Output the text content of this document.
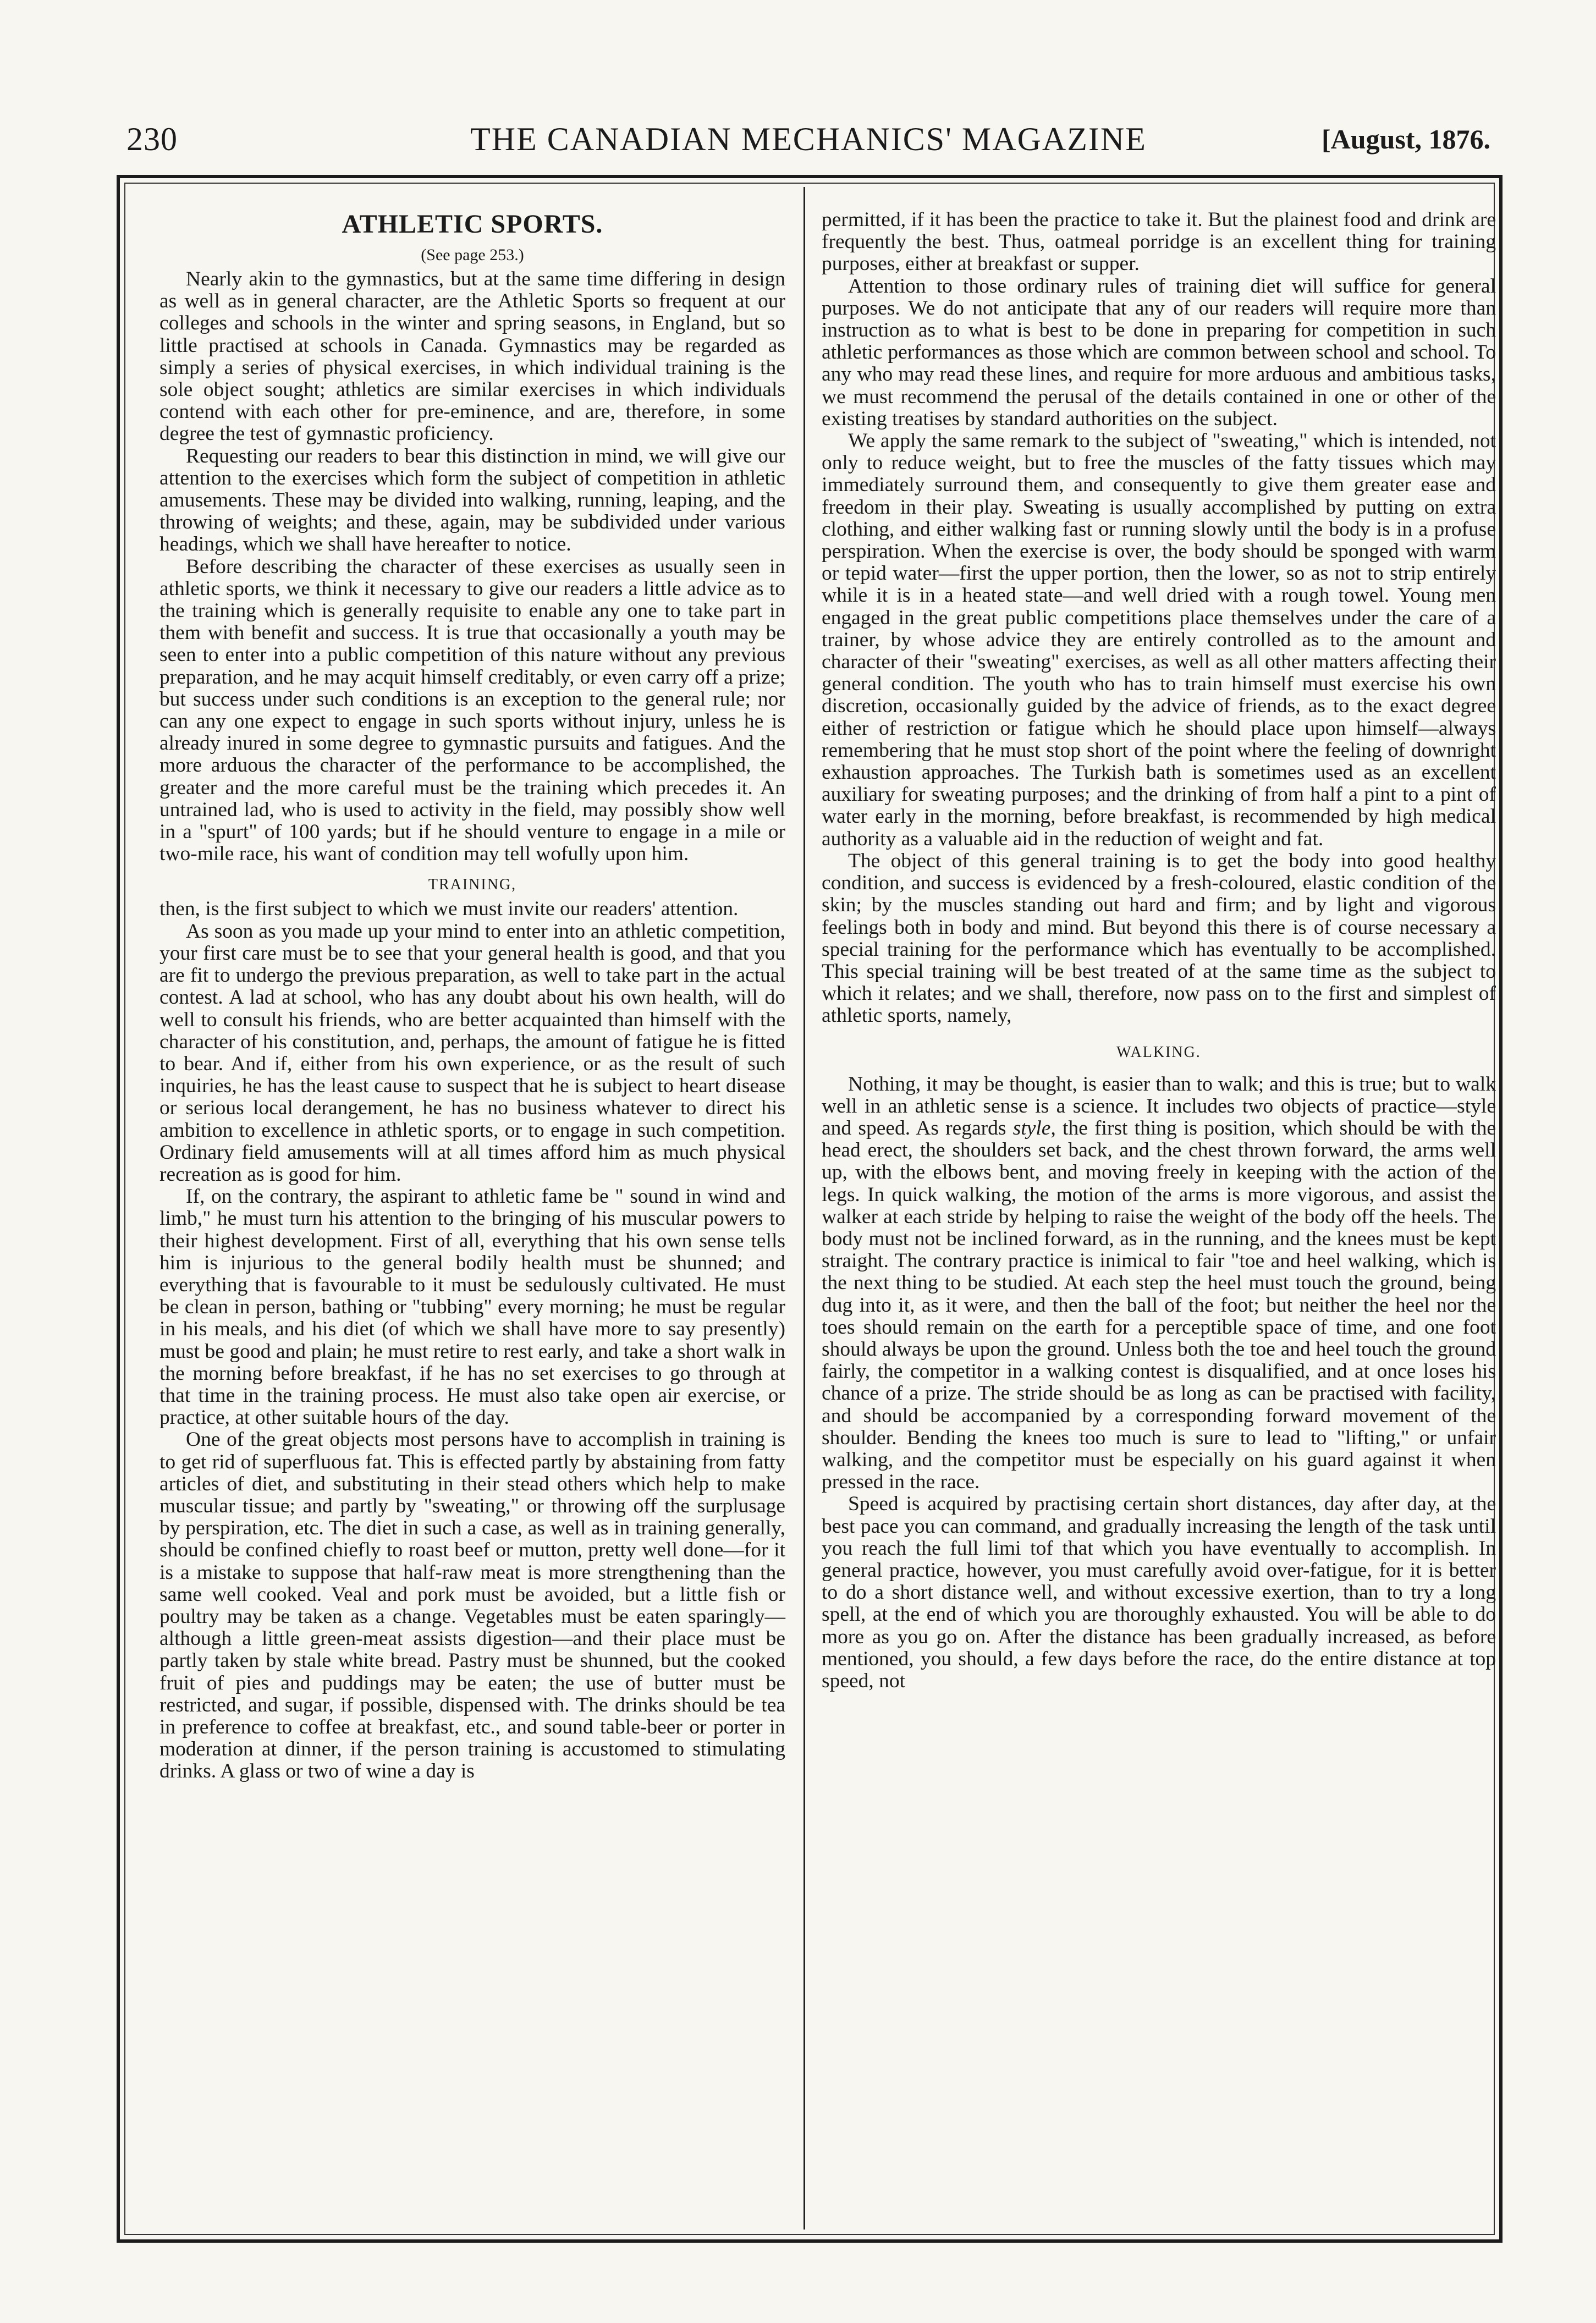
230	THE CANADIAN MECHANICS' MAGAZINE	[August, 1876.
ATHLETIC SPORTS.
(See page 253.)

Nearly akin to the gymnastics, but at the same time differing in design as well as in general character, are the Athletic Sports so frequent at our colleges and schools in the winter and spring seasons, in England, but so little practised at schools in Canada. Gymnastics may be regarded as simply a series of physical exercises, in which individual training is the sole object sought; athletics are similar exercises in which individuals contend with each other for pre-eminence, and are, therefore, in some degree the test of gymnastic proficiency.

Requesting our readers to bear this distinction in mind, we will give our attention to the exercises which form the subject of competition in athletic amusements. These may be divided into walking, running, leaping, and the throwing of weights; and these, again, may be subdivided under various headings, which we shall have hereafter to notice.

Before describing the character of these exercises as usually seen in athletic sports, we think it necessary to give our readers a little advice as to the training which is generally requisite to enable any one to take part in them with benefit and success. It is true that occasionally a youth may be seen to enter into a public competition of this nature without any previous preparation, and he may acquit himself creditably, or even carry off a prize; but success under such conditions is an exception to the general rule; nor can any one expect to engage in such sports without injury, unless he is already inured in some degree to gymnastic pursuits and fatigues. And the more arduous the character of the performance to be accomplished, the greater and the more careful must be the training which precedes it. An untrained lad, who is used to activity in the field, may possibly show well in a "spurt" of 100 yards; but if he should venture to engage in a mile or two-mile race, his want of condition may tell wofully upon him.

TRAINING,

then, is the first subject to which we must invite our readers' attention.

As soon as you made up your mind to enter into an athletic competition, your first care must be to see that your general health is good, and that you are fit to undergo the previous preparation, as well to take part in the actual contest. A lad at school, who has any doubt about his own health, will do well to consult his friends, who are better acquainted than himself with the character of his constitution, and, perhaps, the amount of fatigue he is fitted to bear. And if, either from his own experience, or as the result of such inquiries, he has the least cause to suspect that he is subject to heart disease or serious local derangement, he has no business whatever to direct his ambition to excellence in athletic sports, or to engage in such competition. Ordinary field amusements will at all times afford him as much physical recreation as is good for him.

If, on the contrary, the aspirant to athletic fame be " sound in wind and limb," he must turn his attention to the bringing of his muscular powers to their highest development. First of all, everything that his own sense tells him is injurious to the general bodily health must be shunned; and everything that is favourable to it must be sedulously cultivated. He must be clean in person, bathing or "tubbing" every morning; he must be regular in his meals, and his diet (of which we shall have more to say presently) must be good and plain; he must retire to rest early, and take a short walk in the morning before breakfast, if he has no set exercises to go through at that time in the training process. He must also take open air exercise, or practice, at other suitable hours of the day.

One of the great objects most persons have to accomplish in training is to get rid of superfluous fat. This is effected partly by abstaining from fatty articles of diet, and substituting in their stead others which help to make muscular tissue; and partly by "sweating," or throwing off the surplusage by perspiration, etc. The diet in such a case, as well as in training generally, should be confined chiefly to roast beef or mutton, pretty well done—for it is a mistake to suppose that half-raw meat is more strengthening than the same well cooked. Veal and pork must be avoided, but a little fish or poultry may be taken as a change. Vegetables must be eaten sparingly—although a little green-meat assists digestion—and their place must be partly taken by stale white bread. Pastry must be shunned, but the cooked fruit of pies and puddings may be eaten; the use of butter must be restricted, and sugar, if possible, dispensed with. The drinks should be tea in preference to coffee at breakfast, etc., and sound table-beer or porter in moderation at dinner, if the person training is accustomed to stimulating drinks. A glass or two of wine a day is

permitted, if it has been the practice to take it. But the plainest food and drink are frequently the best. Thus, oatmeal porridge is an excellent thing for training purposes, either at breakfast or supper.

Attention to those ordinary rules of training diet will suffice for general purposes. We do not anticipate that any of our readers will require more than instruction as to what is best to be done in preparing for competition in such athletic performances as those which are common between school and school. To any who may read these lines, and require for more arduous and ambitious tasks, we must recommend the perusal of the details contained in one or other of the existing treatises by standard authorities on the subject.

We apply the same remark to the subject of "sweating," which is intended, not only to reduce weight, but to free the muscles of the fatty tissues which may immediately surround them, and consequently to give them greater ease and freedom in their play. Sweating is usually accomplished by putting on extra clothing, and either walking fast or running slowly until the body is in a profuse perspiration. When the exercise is over, the body should be sponged with warm or tepid water—first the upper portion, then the lower, so as not to strip entirely while it is in a heated state—and well dried with a rough towel. Young men engaged in the great public competitions place themselves under the care of a trainer, by whose advice they are entirely controlled as to the amount and character of their "sweating" exercises, as well as all other matters affecting their general condition. The youth who has to train himself must exercise his own discretion, occasionally guided by the advice of friends, as to the exact degree either of restriction or fatigue which he should place upon himself—always remembering that he must stop short of the point where the feeling of downright exhaustion approaches. The Turkish bath is sometimes used as an excellent auxiliary for sweating purposes; and the drinking of from half a pint to a pint of water early in the morning, before breakfast, is recommended by high medical authority as a valuable aid in the reduction of weight and fat.

The object of this general training is to get the body into good healthy condition, and success is evidenced by a fresh-coloured, elastic condition of the skin; by the muscles standing out hard and firm; and by light and vigorous feelings both in body and mind. But beyond this there is of course necessary a special training for the performance which has eventually to be accomplished. This special training will be best treated of at the same time as the subject to which it relates; and we shall, therefore, now pass on to the first and simplest of athletic sports, namely,

WALKING.

Nothing, it may be thought, is easier than to walk; and this is true; but to walk well in an athletic sense is a science. It includes two objects of practice—style and speed. As regards style, the first thing is position, which should be with the head erect, the shoulders set back, and the chest thrown forward, the arms well up, with the elbows bent, and moving freely in keeping with the action of the legs. In quick walking, the motion of the arms is more vigorous, and assist the walker at each stride by helping to raise the weight of the body off the heels. The body must not be inclined forward, as in the running, and the knees must be kept straight. The contrary practice is inimical to fair "toe and heel walking, which is the next thing to be studied. At each step the heel must touch the ground, being dug into it, as it were, and then the ball of the foot; but neither the heel nor the toes should remain on the earth for a perceptible space of time, and one foot should always be upon the ground. Unless both the toe and heel touch the ground fairly, the competitor in a walking contest is disqualified, and at once loses his chance of a prize. The stride should be as long as can be practised with facility, and should be accompanied by a corresponding forward movement of the shoulder. Bending the knees too much is sure to lead to "lifting," or unfair walking, and the competitor must be especially on his guard against it when pressed in the race.

Speed is acquired by practising certain short distances, day after day, at the best pace you can command, and gradually increasing the length of the task until you reach the full limi tof that which you have eventually to accomplish. In general practice, however, you must carefully avoid over-fatigue, for it is better to do a short distance well, and without excessive exertion, than to try a long spell, at the end of which you are thoroughly exhausted. You will be able to do more as you go on. After the distance has been gradually increased, as before mentioned, you should, a few days before the race, do the entire distance at top speed, not
